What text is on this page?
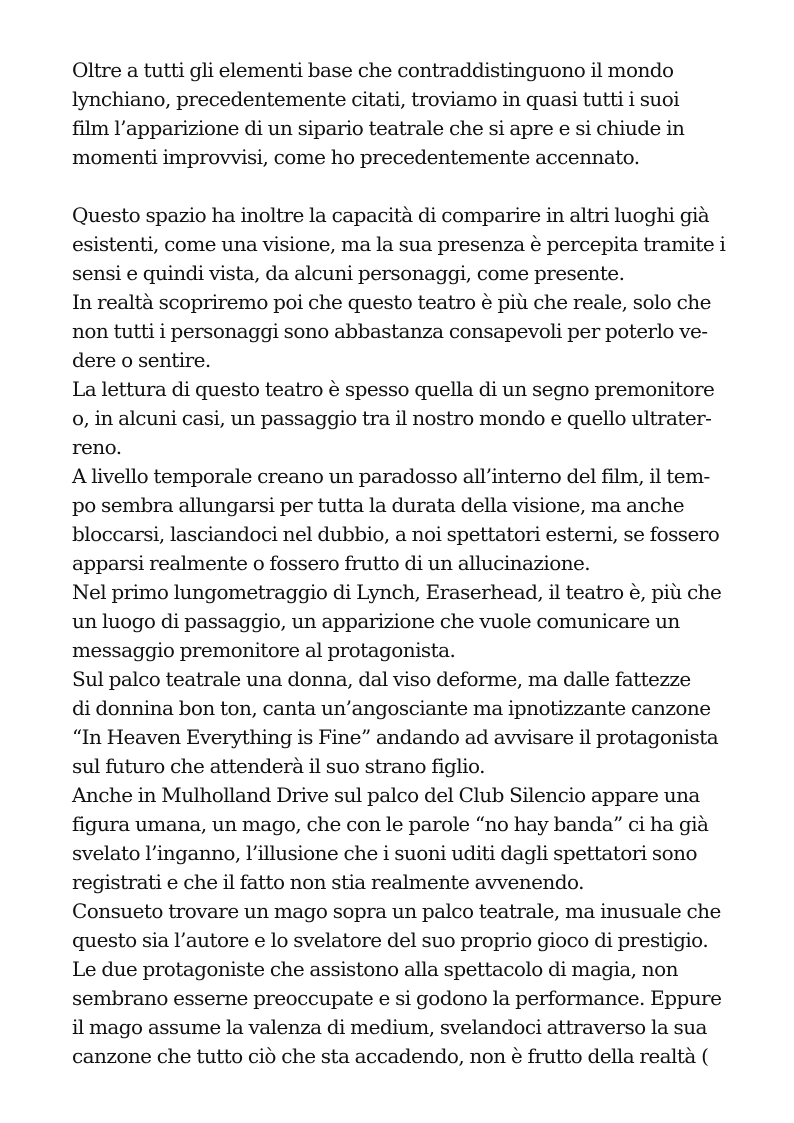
Oltre a tutti gli elementi base che contraddistinguono il mondo
lynchiano, precedentemente citati, troviamo in quasi tutti i suoi
film l’apparizione di un sipario teatrale che si apre e si chiude in
momenti improvvisi, come ho precedentemente accennato.
Questo spazio ha inoltre la capacità di comparire in altri luoghi già
esistenti, come una visione, ma la sua presenza è percepita tramite i
sensi e quindi vista, da alcuni personaggi, come presente.
In realtà scopriremo poi che questo teatro è più che reale, solo che
non tutti i personaggi sono abbastanza consapevoli per poterlo ve-
dere o sentire.
La lettura di questo teatro è spesso quella di un segno premonitore
o, in alcuni casi, un passaggio tra il nostro mondo e quello ultrater-
reno.
A livello temporale creano un paradosso all’interno del film, il tem-
po sembra allungarsi per tutta la durata della visione, ma anche
bloccarsi, lasciandoci nel dubbio, a noi spettatori esterni, se fossero
apparsi realmente o fossero frutto di un allucinazione.
Nel primo lungometraggio di Lynch, Eraserhead, il teatro è, più che
un luogo di passaggio, un apparizione che vuole comunicare un
messaggio premonitore al protagonista.
Sul palco teatrale una donna, dal viso deforme, ma dalle fattezze
di donnina bon ton, canta un’angosciante ma ipnotizzante canzone
“In Heaven Everything is Fine” andando ad avvisare il protagonista
sul futuro che attenderà il suo strano figlio.
Anche in Mulholland Drive sul palco del Club Silencio appare una
figura umana, un mago, che con le parole “no hay banda” ci ha già
svelato l’inganno, l’illusione che i suoni uditi dagli spettatori sono
registrati e che il fatto non stia realmente avvenendo.
Consueto trovare un mago sopra un palco teatrale, ma inusuale che
questo sia l’autore e lo svelatore del suo proprio gioco di prestigio.
Le due protagoniste che assistono alla spettacolo di magia, non
sembrano esserne preoccupate e si godono la performance. Eppure
il mago assume la valenza di medium, svelandoci attraverso la sua
canzone che tutto ciò che sta accadendo, non è frutto della realtà (
